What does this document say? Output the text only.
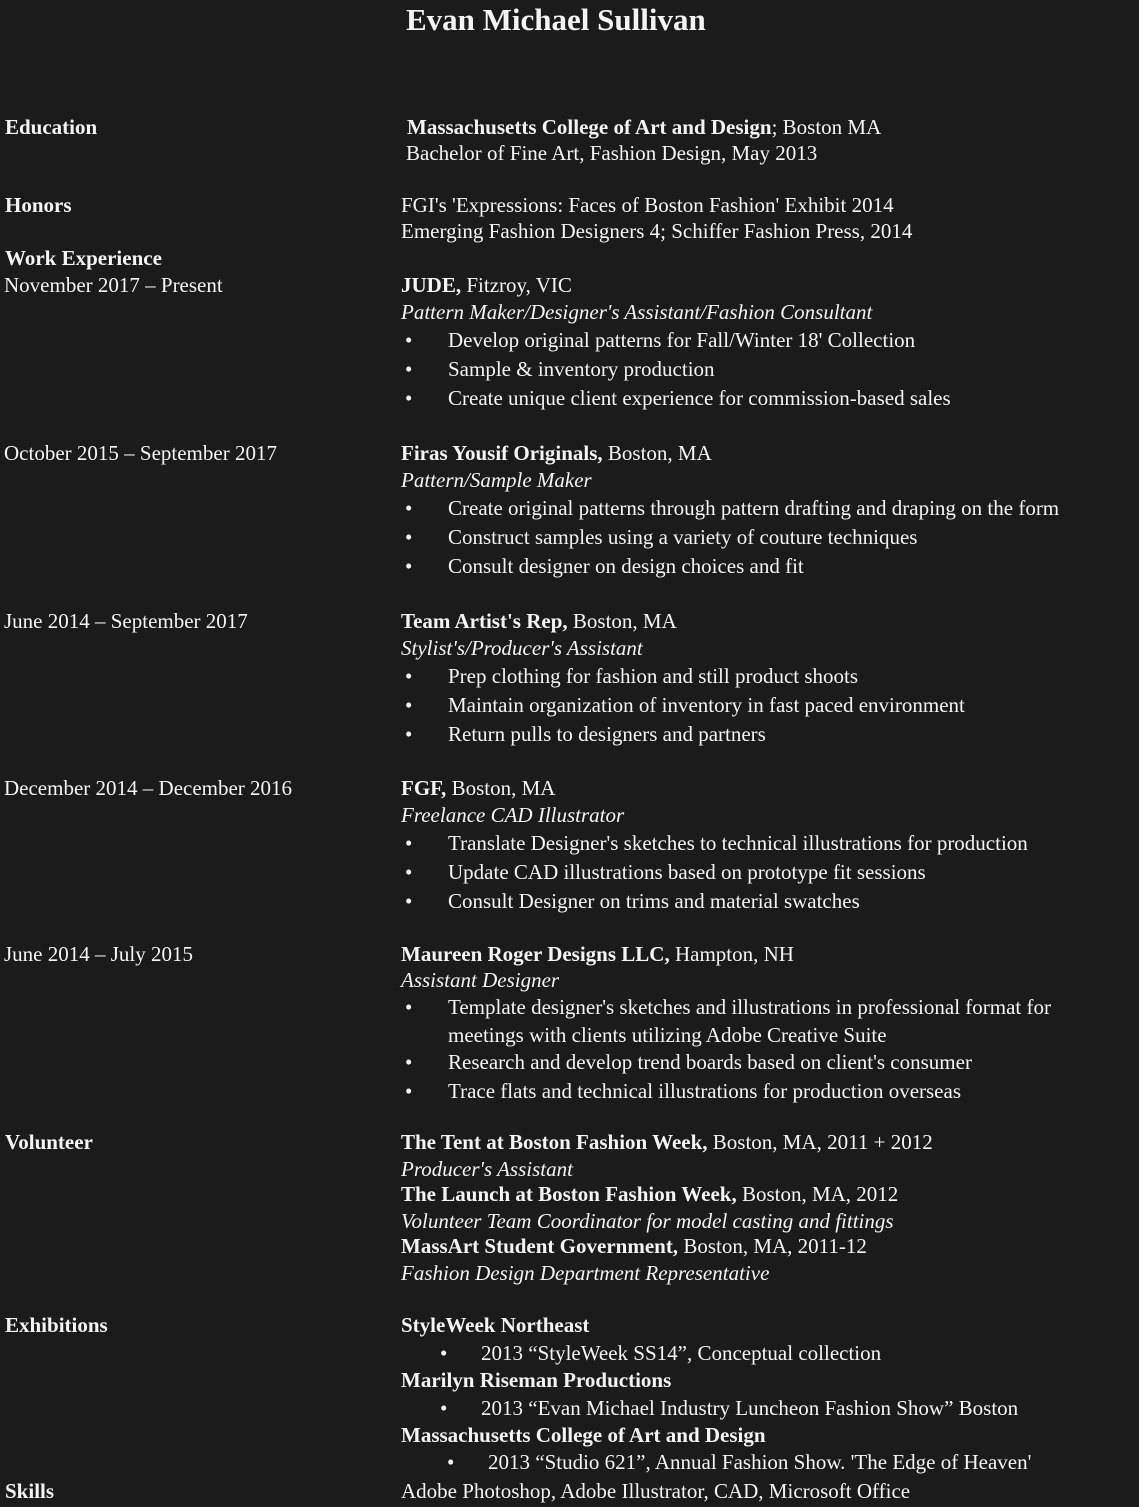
Evan Michael Sullivan
Education	Massachusetts College of Art and Design; Boston MA
Bachelor of Fine Art, Fashion Design, May 2013
Honors	FGI's 'Expressions: Faces of Boston Fashion' Exhibit 2014
Emerging Fashion Designers 4; Schiffer Fashion Press, 2014
Work Experience
November 2017 – Present	JUDE, Fitzroy, VIC
Pattern Maker/Designer's Assistant/Fashion Consultant
• Develop original patterns for Fall/Winter 18' Collection
• Sample & inventory production
• Create unique client experience for commission-based sales
October 2015 – September 2017	Firas Yousif Originals, Boston, MA
Pattern/Sample Maker
• Create original patterns through pattern drafting and draping on the form
• Construct samples using a variety of couture techniques
• Consult designer on design choices and fit
June 2014 – September 2017	Team Artist's Rep, Boston, MA
Stylist's/Producer's Assistant
• Prep clothing for fashion and still product shoots
• Maintain organization of inventory in fast paced environment
• Return pulls to designers and partners
December 2014 – December 2016	FGF, Boston, MA
Freelance CAD Illustrator
• Translate Designer's sketches to technical illustrations for production
• Update CAD illustrations based on prototype fit sessions
• Consult Designer on trims and material swatches
June 2014 – July 2015	Maureen Roger Designs LLC, Hampton, NH
Assistant Designer
• Template designer's sketches and illustrations in professional format for
meetings with clients utilizing Adobe Creative Suite
• Research and develop trend boards based on client's consumer
• Trace flats and technical illustrations for production overseas
Volunteer	The Tent at Boston Fashion Week, Boston, MA, 2011 + 2012
Producer's Assistant
The Launch at Boston Fashion Week, Boston, MA, 2012
Volunteer Team Coordinator for model casting and fittings
MassArt Student Government, Boston, MA, 2011-12
Fashion Design Department Representative
Exhibitions	StyleWeek Northeast
• 2013 “StyleWeek SS14”, Conceptual collection
Marilyn Riseman Productions
• 2013 “Evan Michael Industry Luncheon Fashion Show” Boston
Massachusetts College of Art and Design
• 2013 “Studio 621”, Annual Fashion Show. 'The Edge of Heaven'
Skills	Adobe Photoshop, Adobe Illustrator, CAD, Microsoft Office
